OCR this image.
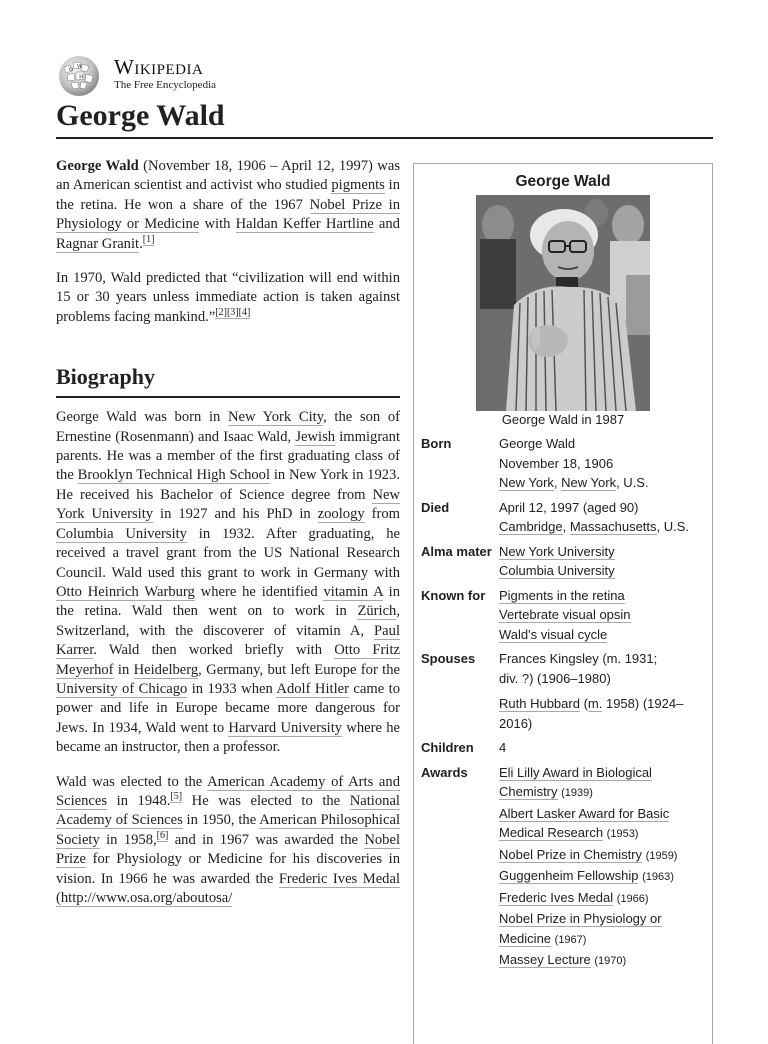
Ω W
И Wikipedia
The Free Encyclopedia
George Wald

George Wald (November 18, 1906 – April 12, 1997) was an American scientist and activist who studied pigments in the retina. He won a share of the 1967 Nobel Prize in Physiology or Medicine with Haldan Keffer Hartline and Ragnar Granit.[1]

In 1970, Wald predicted that “civilization will end within 15 or 30 years unless immediate action is taken against problems facing mankind.”[2][3][4]

Biography

George Wald was born in New York City, the son of Ernestine (Rosenmann) and Isaac Wald, Jewish immigrant parents. He was a member of the first graduating class of the Brooklyn Technical High School in New York in 1923. He received his Bachelor of Science degree from New York University in 1927 and his PhD in zoology from Columbia University in 1932. After graduating, he received a travel grant from the US National Research Council. Wald used this grant to work in Germany with Otto Heinrich Warburg where he identified vitamin A in the retina. Wald then went on to work in Zürich, Switzerland, with the discoverer of vitamin A, Paul Karrer. Wald then worked briefly with Otto Fritz Meyerhof in Heidelberg, Germany, but left Europe for the University of Chicago in 1933 when Adolf Hitler came to power and life in Europe became more dangerous for Jews. In 1934, Wald went to Harvard University where he became an instructor, then a professor.

Wald was elected to the American Academy of Arts and Sciences in 1948.[5] He was elected to the National Academy of Sciences in 1950, the American Philosophical Society in 1958,[6] and in 1967 was awarded the Nobel Prize for Physiology or Medicine for his discoveries in vision. In 1966 he was awarded the Frederic Ives Medal (http://www.osa.org/aboutosa/

George Wald
George Wald in 1987
Born	George Wald
November 18, 1906
New York, New York, U.S.
Died	April 12, 1997 (aged 90)
Cambridge, Massachusetts, U.S.
Alma mater New York University
Columbia University
Known for	Pigments in the retina
Vertebrate visual opsin
Wald's visual cycle
Spouses	Frances Kingsley (m. 1931;
div. ?) (1906–1980)
Ruth Hubbard (m. 1958) (1924–
2016)
Children	4
Awards	Eli Lilly Award in Biological
Chemistry (1939)
Albert Lasker Award for Basic
Medical Research (1953)
Nobel Prize in Chemistry (1959)
Guggenheim Fellowship (1963)
Frederic Ives Medal (1966)
Nobel Prize in Physiology or
Medicine (1967)
Massey Lecture (1970)
